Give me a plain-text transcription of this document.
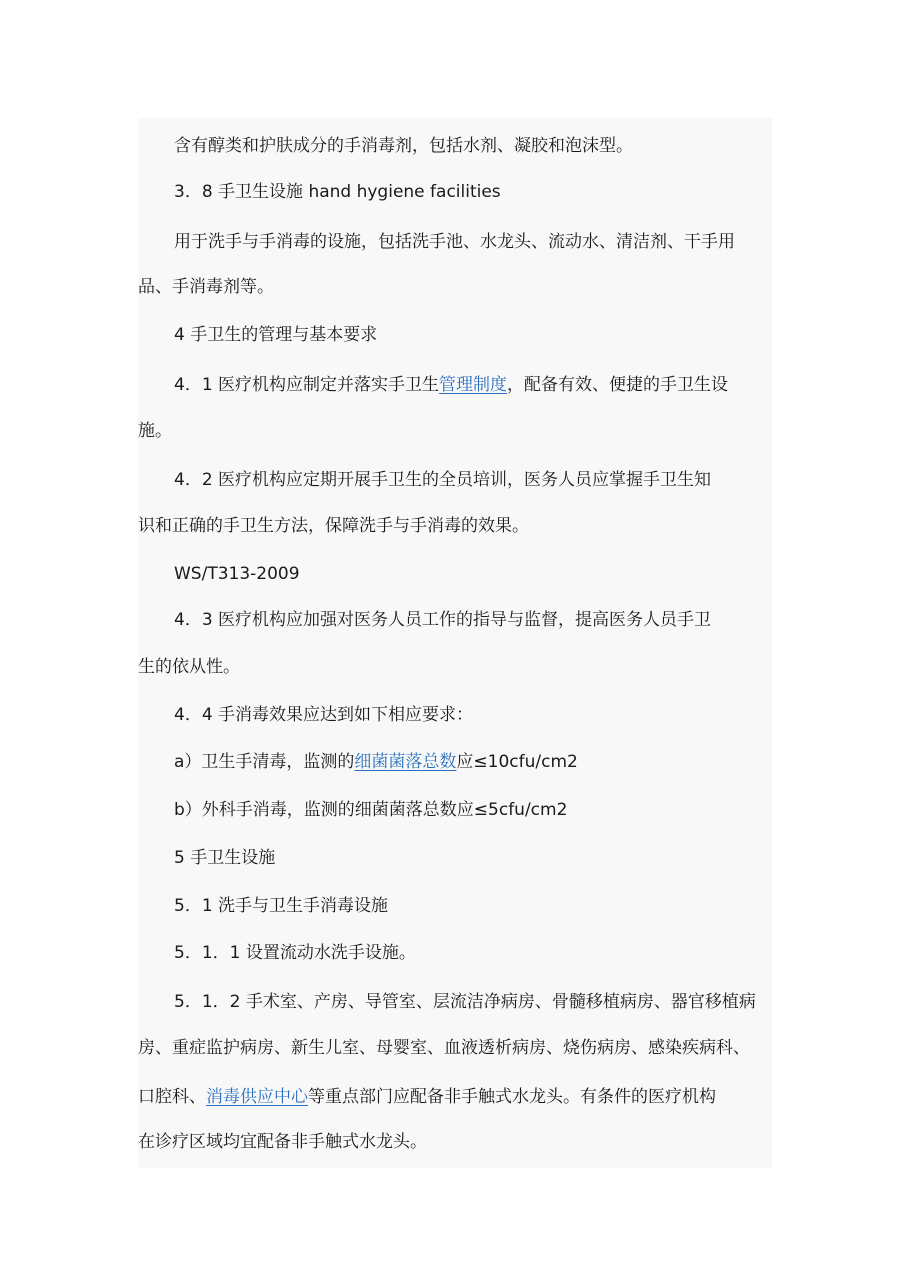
含有醇类和护肤成分的手消毒剂，包括水剂、凝胶和泡沫型。
3．8 手卫生设施 hand hygiene facilities
用于洗手与手消毒的设施，包括洗手池、水龙头、流动水、清洁剂、干手用
品、手消毒剂等。
4 手卫生的管理与基本要求
4．1 医疗机构应制定并落实手卫生管理制度，配备有效、便捷的手卫生设
施。
4．2 医疗机构应定期开展手卫生的全员培训，医务人员应掌握手卫生知
识和正确的手卫生方法，保障洗手与手消毒的效果。
WS/T313-2009
4．3 医疗机构应加强对医务人员工作的指导与监督，提高医务人员手卫
生的依从性。
4．4 手消毒效果应达到如下相应要求：
a）卫生手清毒，监测的细菌菌落总数应≤10cfu/cm2
b）外科手消毒，监测的细菌菌落总数应≤5cfu/cm2
5 手卫生设施
5．1 洗手与卫生手消毒设施
5．1．1 设置流动水洗手设施。
5．1．2 手术室、产房、导管室、层流洁净病房、骨髓移植病房、器官移植病
房、重症监护病房、新生儿室、母婴室、血液透析病房、烧伤病房、感染疾病科、
口腔科、消毒供应中心等重点部门应配备非手触式水龙头。有条件的医疗机构
在诊疗区域均宜配备非手触式水龙头。
